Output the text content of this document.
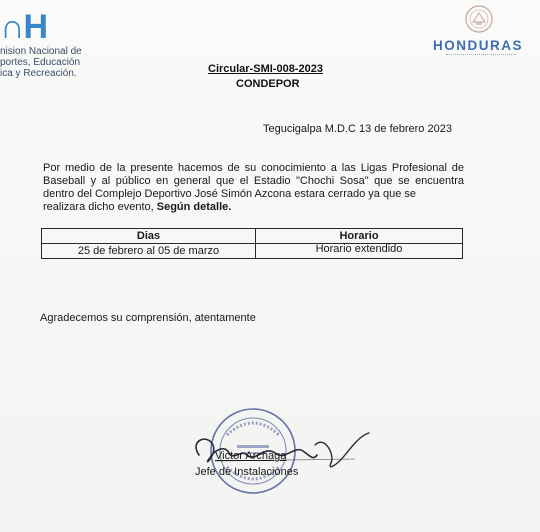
∩H
nision Nacional de
portes, Educación
ica y Recreación.
HONDURAS
Circular-SMI-008-2023
CONDEPOR
Tegucigalpa M.D.C 13 de febrero 2023
Por medio de la presente hacemos de su conocimiento a las Ligas Profesional de Baseball y al público en general que el Estadio "Chochi Sosa" que se encuentra dentro del Complejo Deportivo José Simón Azcona estara cerrado ya que se
realizara dicho evento, Según detalle.
Dias	Horario
25 de febrero al 05 de marzo	Horario extendido
Agradecemos su comprensión, atentamente
Victor Archaga
Jefe de Instalaciones
